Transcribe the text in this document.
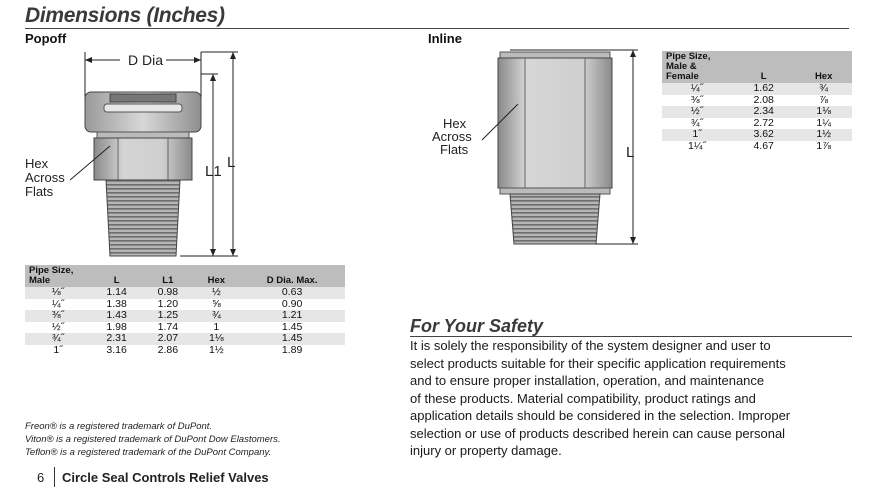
Dimensions (Inches)
Popoff
D Dia
L1
L
Hex
Across
Flats
Pipe Size,
Male	L	L1	Hex	D Dia. Max.
⅛˝	1.14	0.98	½	0.63
¼˝	1.38	1.20	⅝	0.90
⅜˝	1.43	1.25	¾	1.21
½˝	1.98	1.74	1	1.45
¾˝	2.31	2.07	1⅛	1.45
1˝	3.16	2.86	1½	1.89
Freon® is a registered trademark of DuPont.
Viton® is a registered trademark of DuPont Dow Elastomers.
Teflon® is a registered trademark of the DuPont Company.
6 Circle Seal Controls Relief Valves
Inline
Hex
Across
Flats	L
Pipe Size,
Male &
Female	L	Hex
¼˝	1.62	¾
⅜˝	2.08	⅞
½˝	2.34	1⅛
¾˝	2.72	1¼
1˝	3.62	1½
1¼˝	4.67	1⅞
For Your Safety
It is solely the responsibility of the system designer and user to
select products suitable for their specific application requirements
and to ensure proper installation, operation, and maintenance
of these products. Material compatibility, product ratings and
application details should be considered in the selection. Improper
selection or use of products described herein can cause personal
injury or property damage.
